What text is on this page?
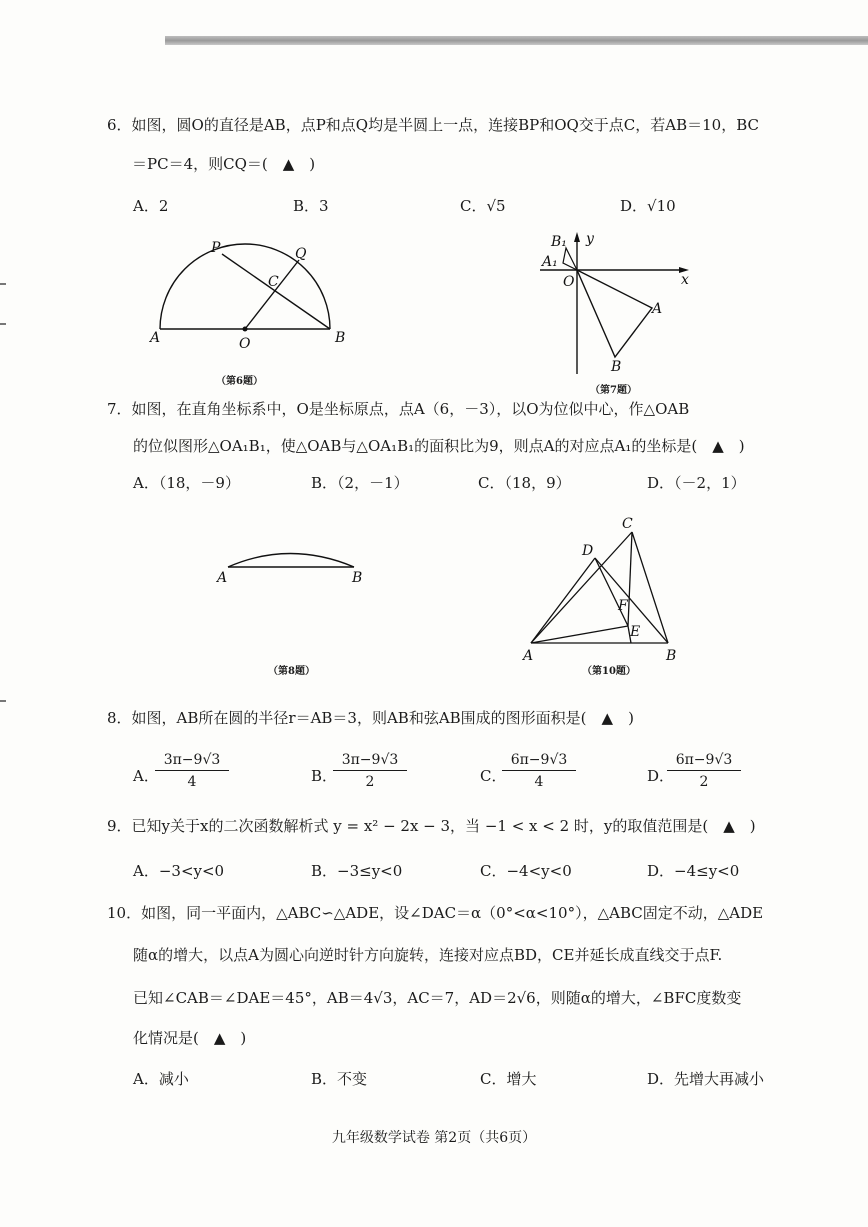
6．如图，圆O的直径是AB，点P和点Q均是半圆上一点，连接BP和OQ交于点C，若AB＝10，BC
＝PC＝4，则CQ＝(　▲　)
A．2	B．3	C．√5	D．√10
P	Q
C
A	O	B
（第6题）
B₁ y
A₁
O	x
A
B
（第7题）
7．如图，在直角坐标系中，O是坐标原点，点A（6，－3），以O为位似中心，作△OAB
的位似图形△OA₁B₁，使△OAB与△OA₁B₁的面积比为9，则点A的对应点A₁的坐标是(　▲　)
A．（18，－9）	B．（2，－1）	C．（18，9）	D．（－2，1）
A	B
（第8题）
C
D
F
E
A	B
（第10题）
8．如图，AB所在圆的半径r＝AB＝3，则AB和弦AB围成的图形面积是(　▲　)
A．
$\frac{3\pi-9√3}{4}$	B．
$\frac{3\pi-9√3}{2}$	C．
$\frac{6\pi-9√3}{4}$	D．
$\frac{6\pi-9√3}{2}$
9．已知y关于x的二次函数解析式 y = x² − 2x − 3，当 −1 < x < 2 时，y的取值范围是(　▲　)
A．−3<y<0	B．−3≤y<0	C．−4<y<0	D．−4≤y<0
10．如图，同一平面内，△ABC∽△ADE，设∠DAC＝α（0°<α<10°），△ABC固定不动，△ADE
随α的增大，以点A为圆心向逆时针方向旋转，连接对应点BD，CE并延长成直线交于点F.
已知∠CAB＝∠DAE＝45°，AB＝4√3，AC＝7，AD＝2√6，则随α的增大，∠BFC度数变
化情况是(　▲　)
A．减小	B．不变	C．增大	D．先增大再减小
九年级数学试卷 第2页（共6页）
